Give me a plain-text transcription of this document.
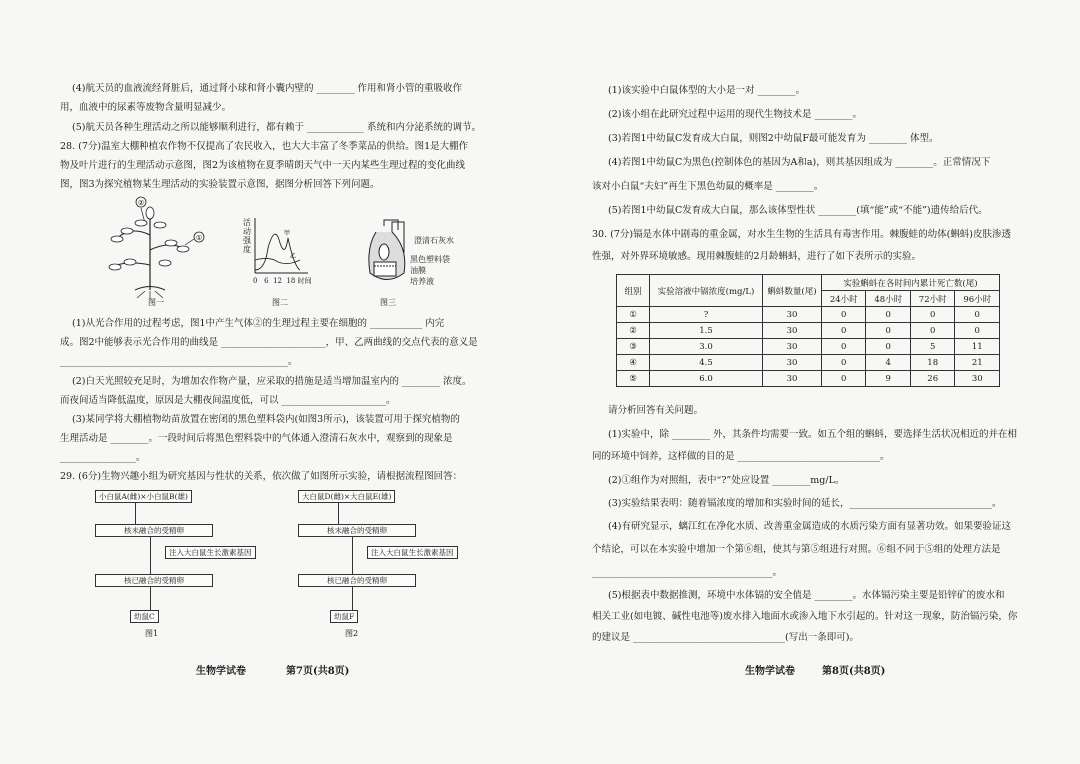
(4)航天员的血液流经肾脏后，通过肾小球和肾小囊内壁的 ________ 作用和肾小管的重吸收作
用，血液中的尿素等废物含量明显减少。
(5)航天员各种生理活动之所以能够顺利进行，都有赖于 ____________ 系统和内分泌系统的调节。
28. (7分)温室大棚种植农作物不仅提高了农民收入，也大大丰富了冬季菜品的供给。图1是大棚作
物及叶片进行的生理活动示意图，图2为该植物在夏季晴朗天气中一天内某些生理过程的变化曲线
图，图3为探究植物某生理活动的实验装置示意图，据图分析回答下列问题。
②
①
图一
活动强度
甲
乙
0 6 12 18 时间
图二
澄清石灰水
黑色塑料袋
油膜
培养液
图三
(1)从光合作用的过程考虑，图1中产生气体②的生理过程主要在细胞的 ___________ 内完
成。图2中能够表示光合作用的曲线是 ______________________，甲、乙两曲线的交点代表的意义是
________________________________________________。
(2)白天光照较充足时，为增加农作物产量，应采取的措施是适当增加温室内的 ________ 浓度。
而夜间适当降低温度，原因是大棚夜间温度低，可以 ______________________。
(3)某同学将大棚植物幼苗放置在密闭的黑色塑料袋内(如图3所示)，该装置可用于探究植物的
生理活动是 ________。一段时间后将黑色塑料袋中的气体通入澄清石灰水中，观察到的现象是
________________。
29. (6分)生物兴趣小组为研究基因与性状的关系，依次做了如图所示实验，请根据流程图回答：
小白鼠A(雌)×小白鼠B(雄)
核未融合的受精卵
注入大白鼠生长激素基因
核已融合的受精卵
幼鼠C
图1
大白鼠D(雌)×大白鼠E(雄)
核未融合的受精卵
注入大白鼠生长激素基因
核已融合的受精卵
幼鼠F
图2
生物学试卷	第7页(共8页)
(1)该实验中白鼠体型的大小是一对 ________。
(2)该小组在此研究过程中运用的现代生物技术是 ________。
(3)若图1中幼鼠C发育成大白鼠，则图2中幼鼠F最可能发育为 ________ 体型。
(4)若图1中幼鼠C为黑色(控制体色的基因为A和a)，则其基因组成为 ________。正常情况下
该对小白鼠“夫妇”再生下黑色幼鼠的概率是 ________。
(5)若图1中幼鼠C发育成大白鼠，那么该体型性状 ________(填“能”或“不能”)遗传给后代。
30. (7分)镉是水体中剧毒的重金属，对水生生物的生活具有毒害作用。棘腹蛙的幼体(蝌蚪)皮肤渗透
性强，对外界环境敏感。现用棘腹蛙的2月龄蝌蚪，进行了如下表所示的实验。
组别	实验溶液中镉浓度(mg/L)	蝌蚪数量(尾)	实验蝌蚪在各时间内累计死亡数(尾)			
			24小时	48小时	72小时	96小时
①	?	30	0	0	0	0
②	1.5	30	0	0	0	0
③	3.0	30	0	0	5	11
④	4.5	30	0	4	18	21
⑤	6.0	30	0	9	26	30
请分析回答有关问题。
(1)实验中，除 ________ 外，其条件均需要一致。如五个组的蝌蚪，要选择生活状况相近的并在相
同的环境中饲养，这样做的目的是 ______________________________。
(2)①组作为对照组，表中“?”处应设置 ________mg/L。
(3)实验结果表明：随着镉浓度的增加和实验时间的延长，______________________________。
(4)有研究显示，螭江红在净化水质、改善重金属造成的水质污染方面有显著功效。如果要验证这
个结论，可以在本实验中增加一个第⑥组，使其与第⑤组进行对照。⑥组不同于⑤组的处理方法是
______________________________________。
(5)根据表中数据推测，环境中水体镉的安全值是 ________。水体镉污染主要是铅锌矿的废水和
相关工业(如电镀、碱性电池等)废水排入地面水或渗入地下水引起的。针对这一现象，防治镉污染，你
的建议是 ________________________________(写出一条即可)。
生物学试卷	第8页(共8页)
